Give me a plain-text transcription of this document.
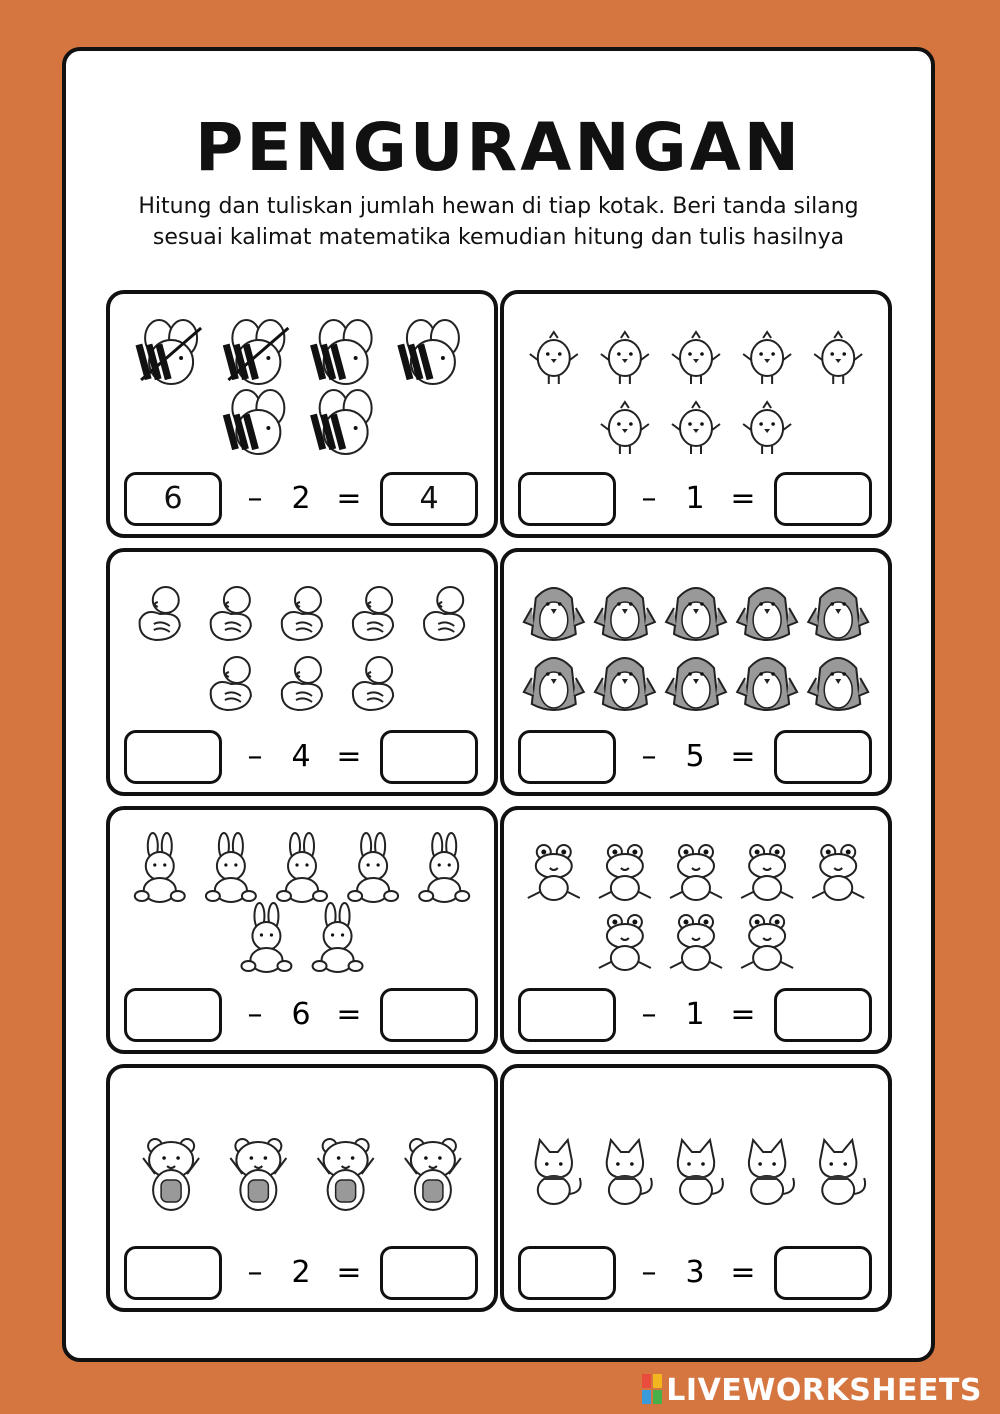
PENGURANGAN

Hitung dan tuliskan jumlah hewan di tiap kotak. Beri tanda silang sesuai kalimat matematika kemudian hitung dan tulis hasilnya

6	– 2 =	4	– 1 =
– 4 =	– 5 =
– 6 =	– 1 =
– 2 =	– 3 =
LIVEWORKSHEETS
